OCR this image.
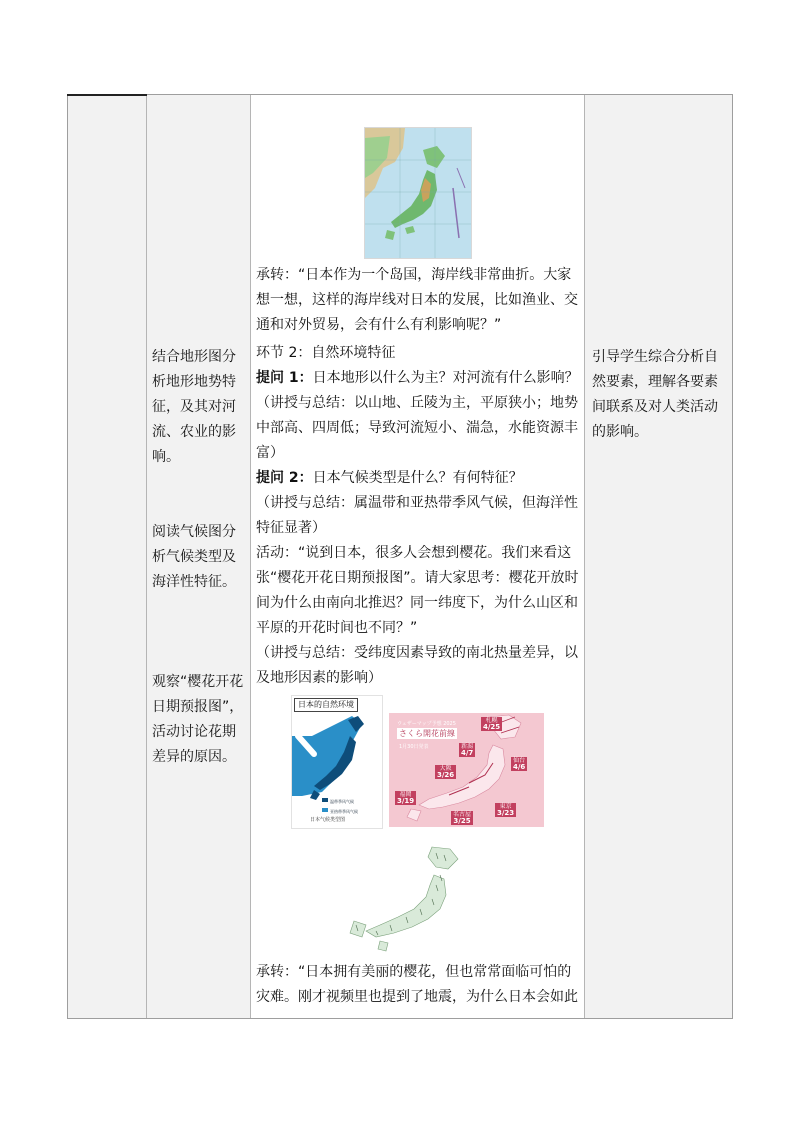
结合地形图分析地形地势特征，及其对河流、农业的影响。
阅读气候图分析气候类型及海洋性特征。
观察“樱花开花日期预报图”，活动讨论花期差异的原因。
承转：“日本作为一个岛国，海岸线非常曲折。大家想一想，这样的海岸线对日本的发展，比如渔业、交通和对外贸易，会有什么有利影响呢？”
环节 2：自然环境特征
提问 1：日本地形以什么为主？对河流有什么影响？
（讲授与总结：以山地、丘陵为主，平原狭小；地势中部高、四周低；导致河流短小、湍急，水能资源丰富）
提问 2：日本气候类型是什么？有何特征？
（讲授与总结：属温带和亚热带季风气候，但海洋性特征显著）
活动：“说到日本，很多人会想到樱花。我们来看这张“樱花开花日期预报图”。请大家思考：樱花开放时间为什么由南向北推迟？同一纬度下，为什么山区和平原的开花时间也不同？”
（讲授与总结：受纬度因素导致的南北热量差异，以及地形因素的影响）
日本的自然环境
温带季风气候
亚热带季风气候
日本气候类型图
ウェザーマップ予想 2025
さくら開花前線
1月30日発表
札幌
4/25
新潟
4/7
仙台
4/6
大阪
3/26
福岡
3/19
名古屋
3/25
東京
3/23
承转：“日本拥有美丽的樱花，但也常常面临可怕的灾难。刚才视频里也提到了地震，为什么日本会如此
引导学生综合分析自然要素，理解各要素间联系及对人类活动的影响。
